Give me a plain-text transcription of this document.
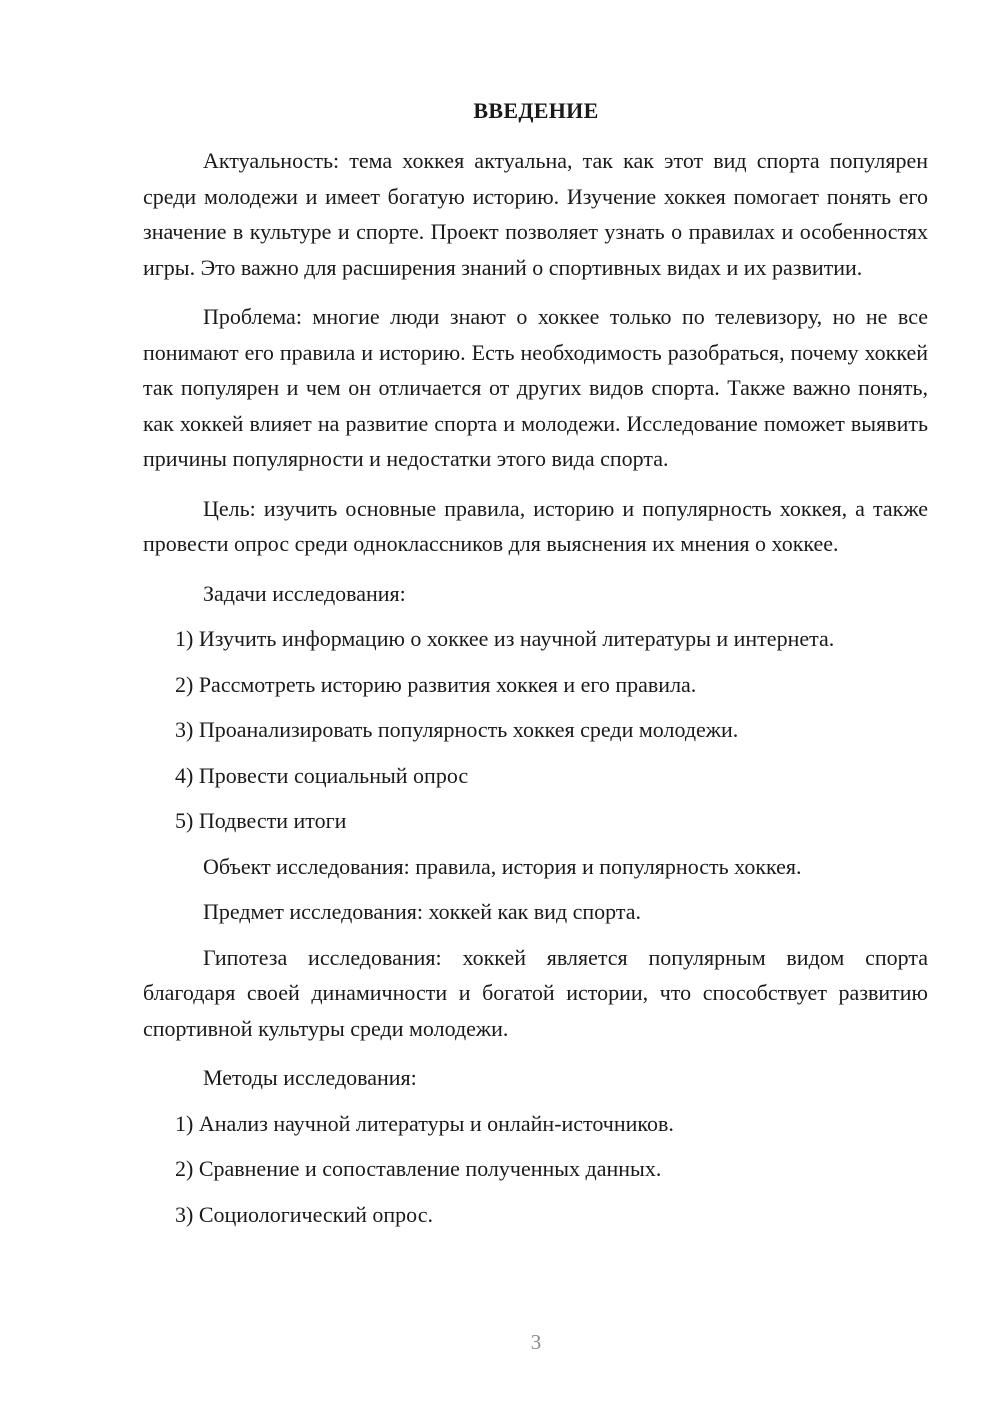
ВВЕДЕНИЕ

Актуальность: тема хоккея актуальна, так как этот вид спорта популярен среди молодежи и имеет богатую историю. Изучение хоккея помогает понять его значение в культуре и спорте. Проект позволяет узнать о правилах и особенностях игры. Это важно для расширения знаний о спортивных видах и их развитии.

Проблема: многие люди знают о хоккее только по телевизору, но не все понимают его правила и историю. Есть необходимость разобраться, почему хоккей так популярен и чем он отличается от других видов спорта. Также важно понять, как хоккей влияет на развитие спорта и молодежи. Исследование поможет выявить причины популярности и недостатки этого вида спорта.

Цель: изучить основные правила, историю и популярность хоккея, а также провести опрос среди одноклассников для выяснения их мнения о хоккее.

Задачи исследования:

1) Изучить информацию о хоккее из научной литературы и интернета.

2) Рассмотреть историю развития хоккея и его правила.

3) Проанализировать популярность хоккея среди молодежи.

4) Провести социальный опрос

5) Подвести итоги

Объект исследования: правила, история и популярность хоккея.

Предмет исследования: хоккей как вид спорта.

Гипотеза исследования: хоккей является популярным видом спорта благодаря своей динамичности и богатой истории, что способствует развитию спортивной культуры среди молодежи.

Методы исследования:

1) Анализ научной литературы и онлайн-источников.

2) Сравнение и сопоставление полученных данных.

3) Социологический опрос.

3
